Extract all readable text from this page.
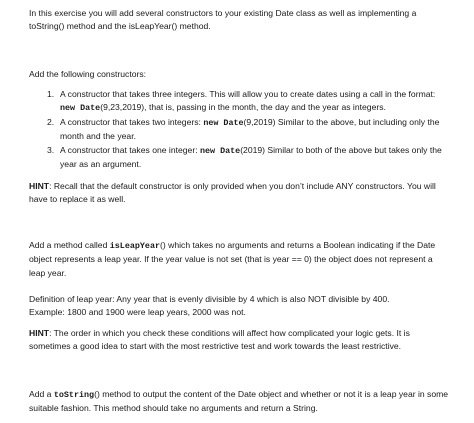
In this exercise you will add several constructors to your existing Date class as well as implementing a

toString() method and the isLeapYear() method.

Add the following constructors:

1. A constructor that takes three integers. This will allow you to create dates using a call in the format: new Date(9,23,2019), that is, passing in the month, the day and the year as integers.
2. A constructor that takes two integers: new Date(9,2019) Similar to the above, but including only the month and the year.
3. A constructor that takes one integer: new Date(2019) Similar to both of the above but takes only the year as an argument.

HINT: Recall that the default constructor is only provided when you don’t include ANY constructors. You will have to replace it as well.

Add a method called isLeapYear() which takes no arguments and returns a Boolean indicating if the Date object represents a leap year. If the year value is not set (that is year == 0) the object does not represent a leap year.

Definition of leap year: Any year that is evenly divisible by 4 which is also NOT divisible by 400.

Example: 1800 and 1900 were leap years, 2000 was not.

HINT: The order in which you check these conditions will affect how complicated your logic gets. It is sometimes a good idea to start with the most restrictive test and work towards the least restrictive.

Add a toString() method to output the content of the Date object and whether or not it is a leap year in some suitable fashion. This method should take no arguments and return a String.
